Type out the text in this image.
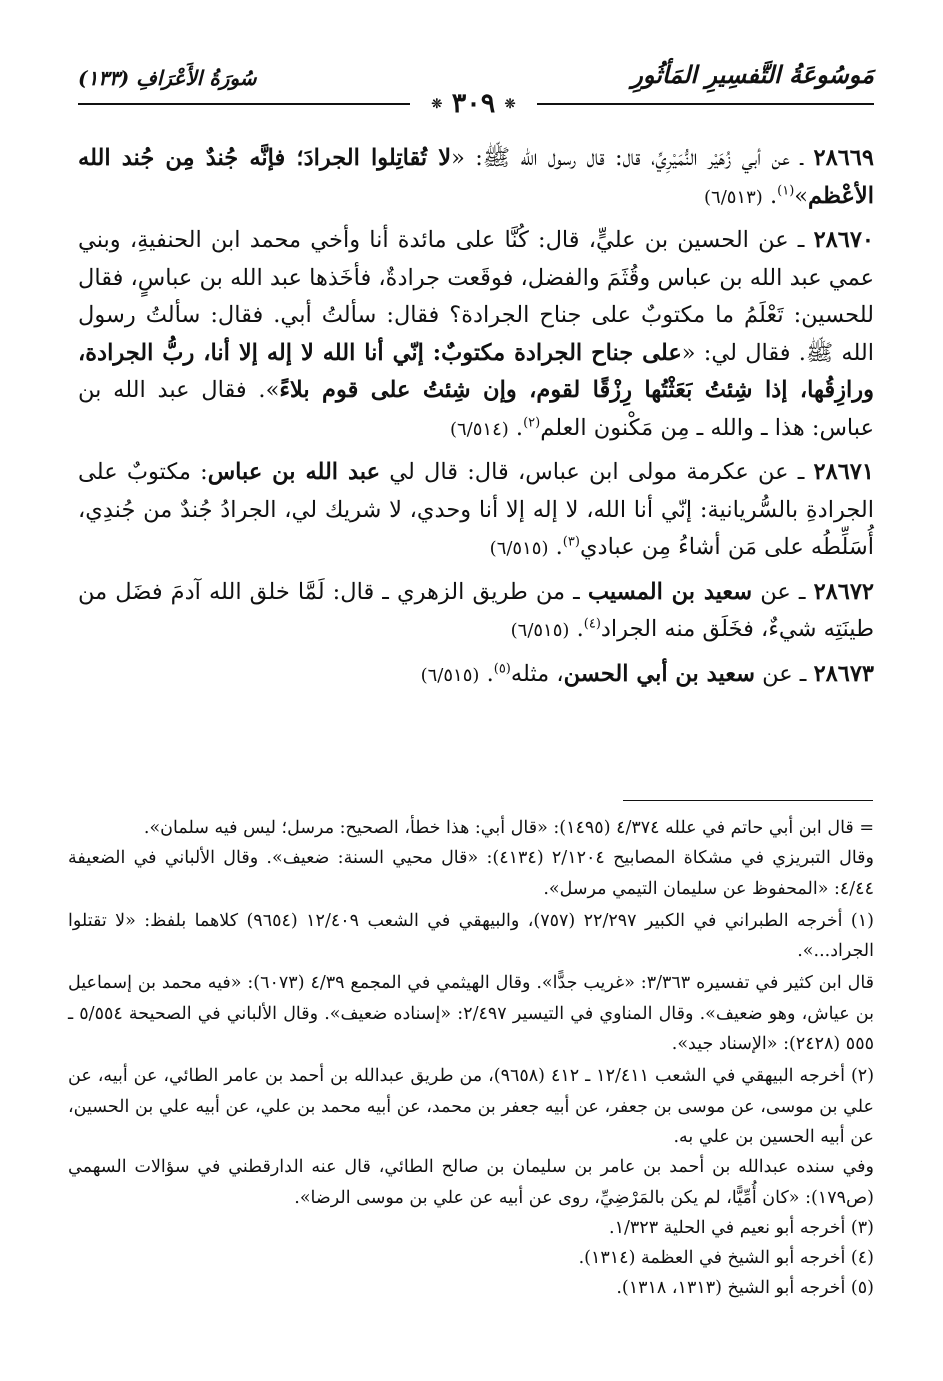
مَوسُوعَةُ التَّفسِيرِ المَأثُورِ
سُورَةُ الأَعْرَافِ (١٣٣)
❊ ٣٠٩ ❊

٢٨٦٦٩ ـ عن أبي زُهَيْر النُّمَيْرِيِّ، قال: قال رسول الله ﷺ: «لا تُقاتِلوا الجرادَ؛ فإنَّه جُندٌ مِن جُند الله الأعْظم»$^{(١)}$. (٦/٥١٣)

٢٨٦٧٠ ـ عن الحسين بن عليٍّ، قال: كُنَّا على مائدة أنا وأخي محمد ابن الحنفيةِ، وبني عمي عبد الله بن عباس وقُثَمَ والفضل، فوقَعت جرادةٌ، فأخَذها عبد الله بن عباسٍ، فقال للحسين: تَعْلَمُ ما مكتوبٌ على جناح الجرادة؟ فقال: سألتُ أبي. فقال: سألتُ رسول الله ﷺ. فقال لي: «على جناح الجرادة مكتوبٌ: إنّي أنا الله لا إله إلا أنا، ربُّ الجرادة، ورازِقُها، إذا شِئتُ بَعَثْتُها رِزْقًا لقوم، وإن شِئتُ على قوم بلاءً». فقال عبد الله بن عباس: هذا ـ والله ـ مِن مَكْنون العلم$^{(٢)}$. (٦/٥١٤)

٢٨٦٧١ ـ عن عكرمة مولى ابن عباس، قال: قال لي عبد الله بن عباس: مكتوبٌ على الجرادةِ بالسُّريانية: إنّي أنا الله، لا إله إلا أنا وحدي، لا شريك لي، الجرادُ جُندٌ من جُندِي، أُسَلِّطُه على مَن أشاءُ مِن عبادي$^{(٣)}$. (٦/٥١٥)

٢٨٦٧٢ ـ عن سعيد بن المسيب ـ من طريق الزهري ـ قال: لَمَّا خلق الله آدمَ فضَل من طينَتِه شيءٌ، فخَلَق منه الجراد$^{(٤)}$. (٦/٥١٥)

٢٨٦٧٣ ـ عن سعيد بن أبي الحسن، مثله$^{(٥)}$. (٦/٥١٥)

= قال ابن أبي حاتم في علله ٤/٣٧٤ (١٤٩٥): «قال أبي: هذا خطأ، الصحيح: مرسل؛ ليس فيه سلمان».

وقال التبريزي في مشكاة المصابيح ٢/١٢٠٤ (٤١٣٤): «قال محيي السنة: ضعيف». وقال الألباني في الضعيفة ٤/٤٤: «المحفوظ عن سليمان التيمي مرسل».

(١) أخرجه الطبراني في الكبير ٢٢/٢٩٧ (٧٥٧)، والبيهقي في الشعب ١٢/٤٠٩ (٩٦٥٤) كلاهما بلفظ: «لا تقتلوا الجراد...».

قال ابن كثير في تفسيره ٣/٣٦٣: «غريب جدًّا». وقال الهيثمي في المجمع ٤/٣٩ (٦٠٧٣): «فيه محمد بن إسماعيل بن عياش، وهو ضعيف». وقال المناوي في التيسير ٢/٤٩٧: «إسناده ضعيف». وقال الألباني في الصحيحة ٥/٥٥٤ ـ ٥٥٥ (٢٤٢٨): «الإسناد جيد».

(٢) أخرجه البيهقي في الشعب ١٢/٤١١ ـ ٤١٢ (٩٦٥٨)، من طريق عبدالله بن أحمد بن عامر الطائي، عن أبيه، عن علي بن موسى، عن موسى بن جعفر، عن أبيه جعفر بن محمد، عن أبيه محمد بن علي، عن أبيه علي بن الحسين، عن أبيه الحسين بن علي به.

وفي سنده عبدالله بن أحمد بن عامر بن سليمان بن صالح الطائي، قال عنه الدارقطني في سؤالات السهمي (ص١٧٩): «كان أُمِّيًّا، لم يكن بالمَرْضِيِّ، روى عن أبيه عن علي بن موسى الرضا».

(٣) أخرجه أبو نعيم في الحلية ١/٣٢٣.

(٤) أخرجه أبو الشيخ في العظمة (١٣١٤).

(٥) أخرجه أبو الشيخ (١٣١٣، ١٣١٨).
